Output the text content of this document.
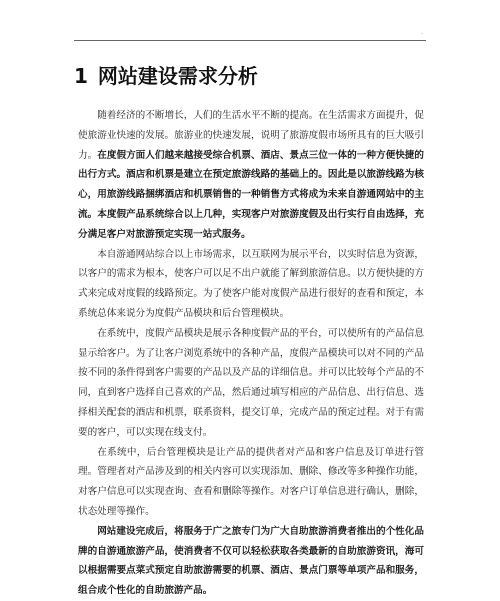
·
1 网站建设需求分析

随着经济的不断增长，人们的生活水平不断的提高。在生活需求方面提升，促使旅游业快速的发展。旅游业的快速发展，说明了旅游度假市场所具有的巨大吸引力。在度假方面人们越来越接受综合机票、酒店、景点三位一体的一种方便快捷的出行方式。酒店和机票是建立在预定旅游线路的基础上的。因此是以旅游线路为核心，用旅游线路捆绑酒店和机票销售的一种销售方式将成为未来自游通网站中的主流。本度假产品系统综合以上几种，实现客户对旅游度假及出行实行自由选择，充分满足客户对旅游预定实现一站式服务。

本自游通网站综合以上市场需求，以互联网为展示平台，以实时信息为资源，以客户的需求为根本，使客户可以足不出户就能了解到旅游信息。以方便快捷的方式来完成对度假的线路预定。为了使客户能对度假产品进行很好的查看和预定，本系统总体来说分为度假产品模块和后台管理模块。

在系统中，度假产品模块是展示各种度假产品的平台，可以使所有的产品信息显示给客户。为了让客户浏览系统中的各种产品，度假产品模块可以对不同的产品按不同的条件得到客户需要的产品以及产品的详细信息。并可以比较每个产品的不同，直到客户选择自己喜欢的产品，然后通过填写相应的产品信息、出行信息、选择相关配套的酒店和机票，联系资料，提交订单，完成产品的预定过程。对于有需要的客户，可以实现在线支付。

在系统中，后台管理模块是让产品的提供者对产品和客户信息及订单进行管理。管理者对产品涉及到的相关内容可以实现添加、删除、修改等多种操作功能，对客户信息可以实现查询、查看和删除等操作。对客户订单信息进行确认，删除，状态处理等操作。

网站建设完成后，将服务于广之旅专门为广大自助旅游消费者推出的个性化品牌的自游通旅游产品，使消费者不仅可以轻松获取各类最新的自助旅游资讯，海可以根据需要点菜式预定自助旅游需要的机票、酒店、景点门票等单项产品和服务，组合成个性化的自助旅游产品。
